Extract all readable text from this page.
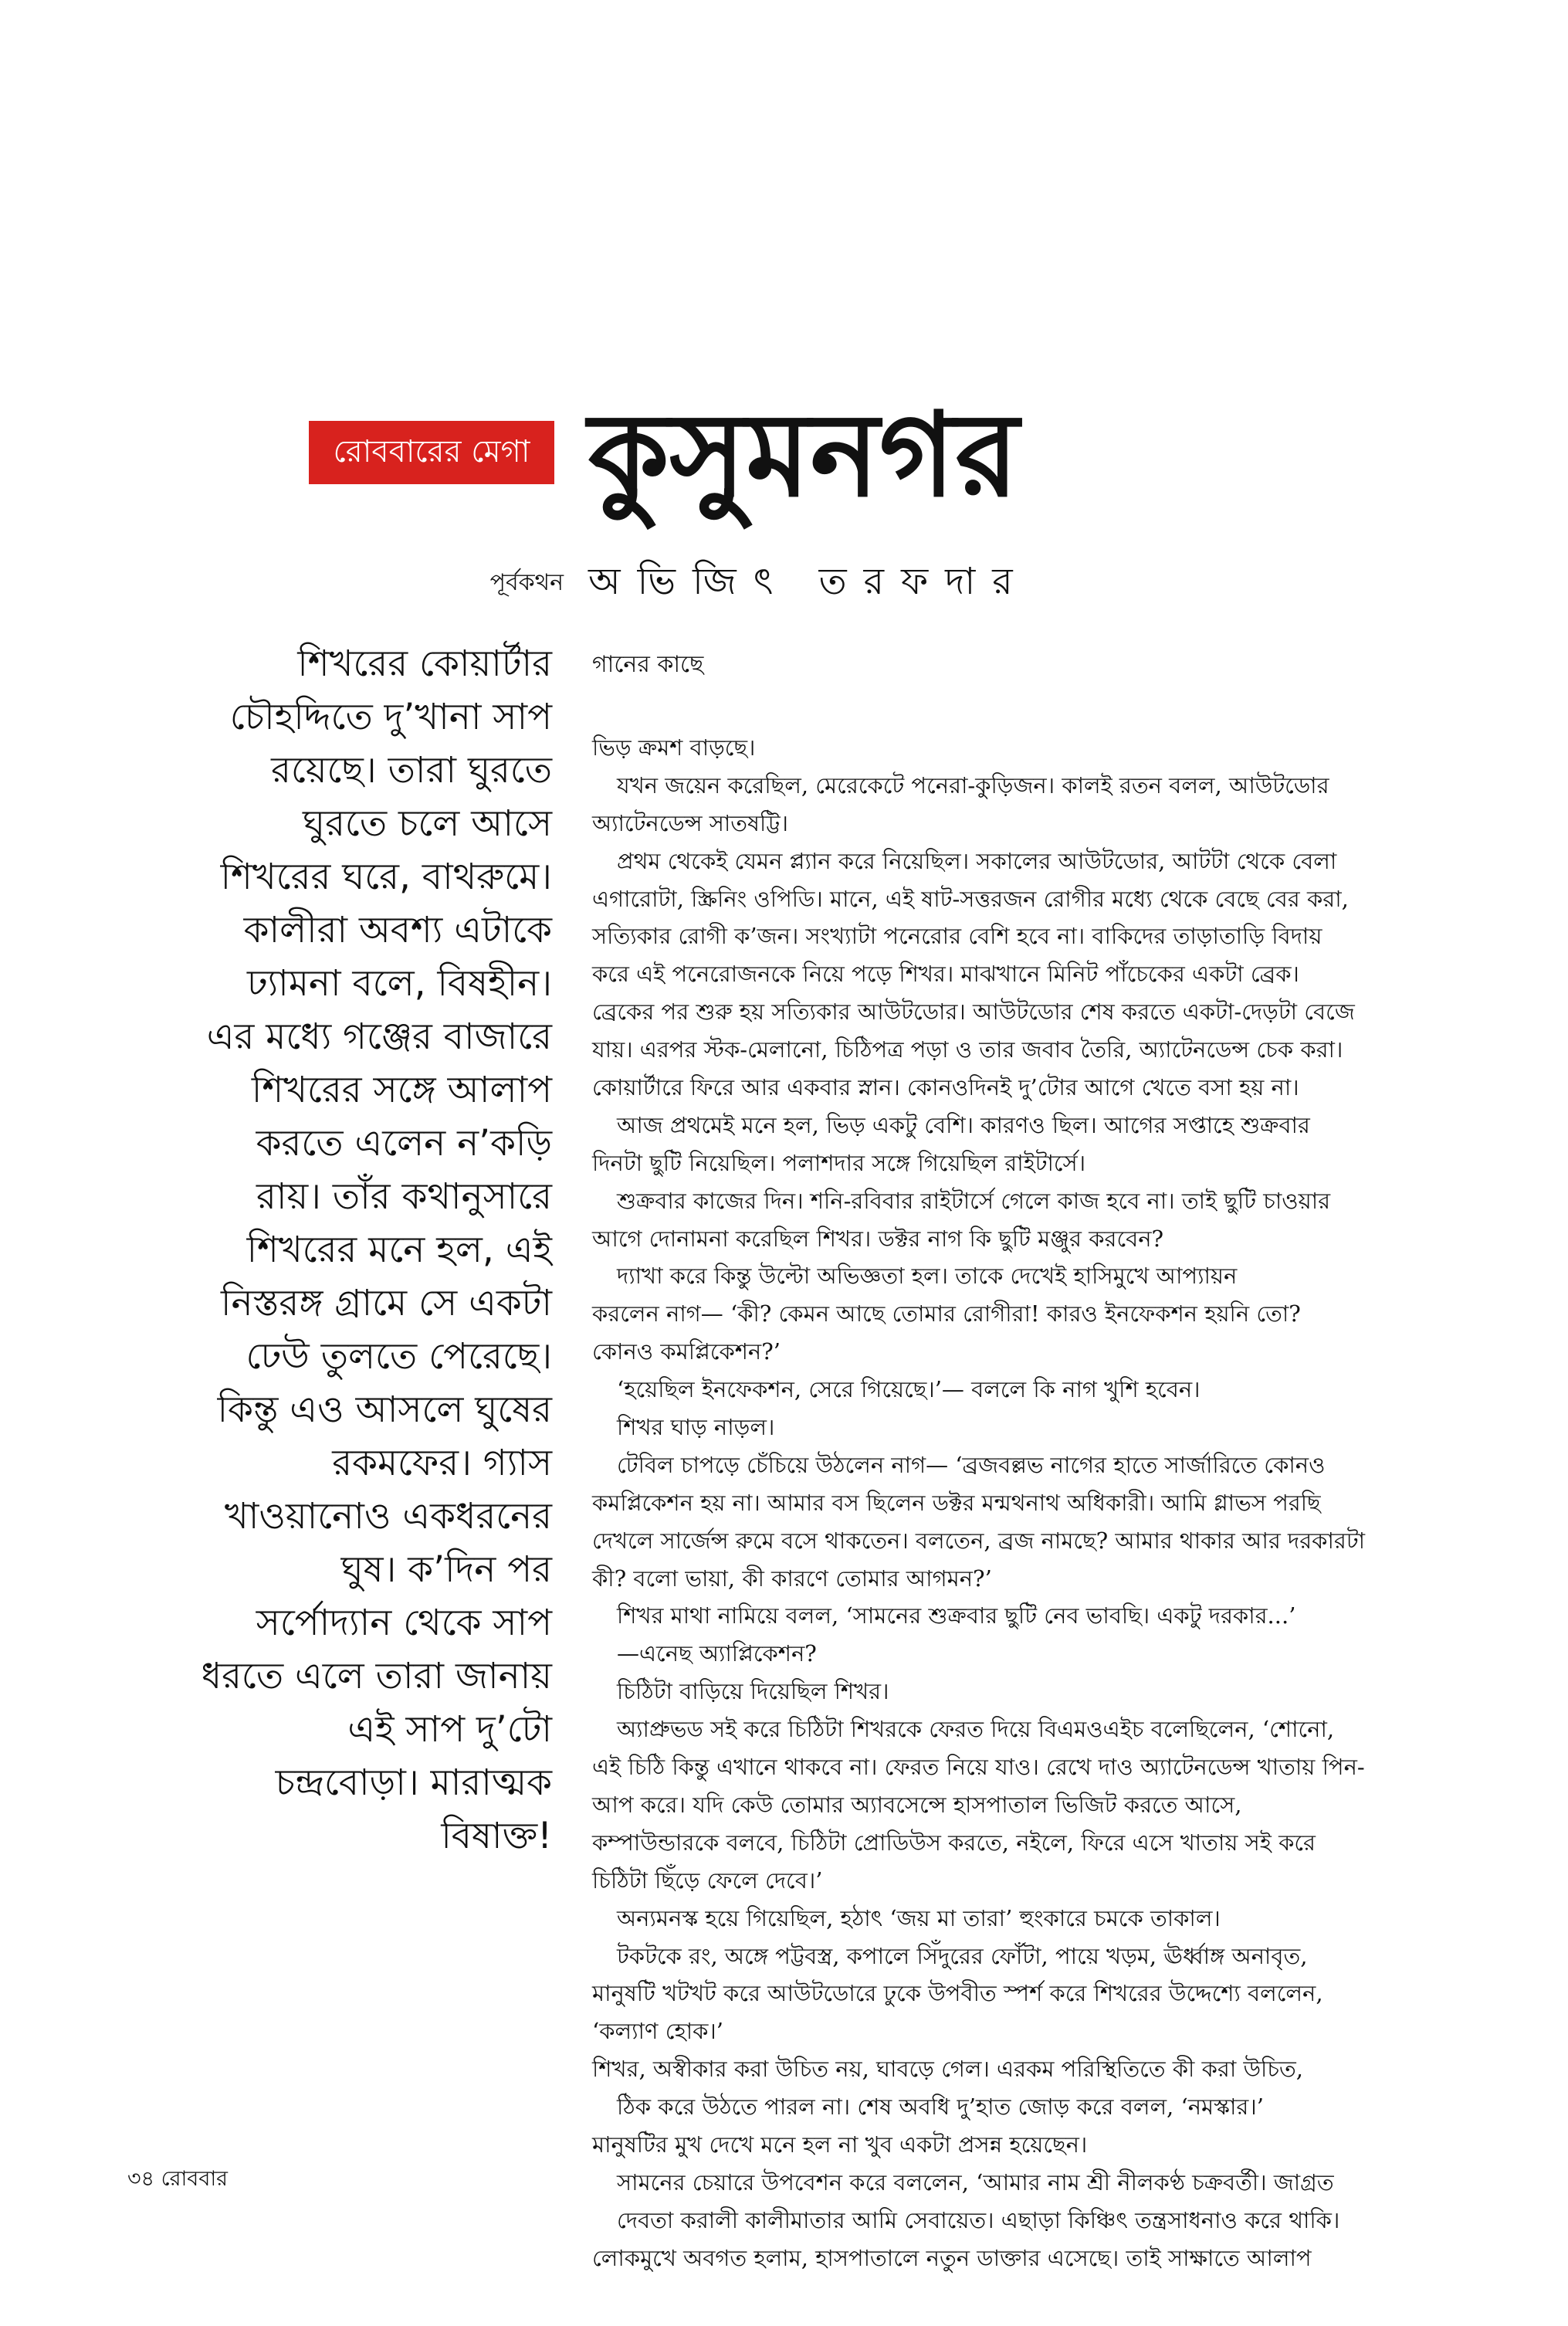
রোববারের মেগা কুসুমনগর
পূর্বকথন অভিজিৎ তরফদার
শিখরের কোয়ার্টার
চৌহদ্দিতে দু’খানা সাপ
রয়েছে। তারা ঘুরতে
ঘুরতে চলে আসে
শিখরের ঘরে, বাথরুমে।
কালীরা অবশ্য এটাকে
ঢ্যামনা বলে, বিষহীন।
এর মধ্যে গঞ্জের বাজারে
শিখরের সঙ্গে আলাপ
করতে এলেন ন’কড়ি
রায়। তাঁর কথানুসারে
শিখরের মনে হল, এই
নিস্তরঙ্গ গ্রামে সে একটা
ঢেউ তুলতে পেরেছে।
কিন্তু এও আসলে ঘুষের
রকমফের। গ্যাস
খাওয়ানোও একধরনের
ঘুষ। ক’দিন পর
সর্পোদ্যান থেকে সাপ
ধরতে এলে তারা জানায়
এই সাপ দু’টো
চন্দ্রবোড়া। মারাত্মক
বিষাক্ত!
গানের কাছে
ভিড় ক্রমশ বাড়ছে।
যখন জয়েন করেছিল, মেরেকেটে পনেরা-কুড়িজন। কালই রতন বলল, আউটডোর
অ্যাটেনডেন্স সাতষট্টি।
প্রথম থেকেই যেমন প্ল্যান করে নিয়েছিল। সকালের আউটডোর, আটটা থেকে বেলা
এগারোটা, স্ক্রিনিং ওপিডি। মানে, এই ষাট-সত্তরজন রোগীর মধ্যে থেকে বেছে বের করা,
সত্যিকার রোগী ক’জন। সংখ্যাটা পনেরোর বেশি হবে না। বাকিদের তাড়াতাড়ি বিদায়
করে এই পনেরোজনকে নিয়ে পড়ে শিখর। মাঝখানে মিনিট পাঁচেকের একটা ব্রেক।
ব্রেকের পর শুরু হয় সত্যিকার আউটডোর। আউটডোর শেষ করতে একটা-দেড়টা বেজে
যায়। এরপর স্টক-মেলানো, চিঠিপত্র পড়া ও তার জবাব তৈরি, অ্যাটেনডেন্স চেক করা।
কোয়ার্টারে ফিরে আর একবার স্নান। কোনওদিনই দু’টোর আগে খেতে বসা হয় না।
আজ প্রথমেই মনে হল, ভিড় একটু বেশি। কারণও ছিল। আগের সপ্তাহে শুক্রবার
দিনটা ছুটি নিয়েছিল। পলাশদার সঙ্গে গিয়েছিল রাইটার্সে।
শুক্রবার কাজের দিন। শনি-রবিবার রাইটার্সে গেলে কাজ হবে না। তাই ছুটি চাওয়ার
আগে দোনামনা করেছিল শিখর। ডক্টর নাগ কি ছুটি মঞ্জুর করবেন?
দ্যাখা করে কিন্তু উল্টো অভিজ্ঞতা হল। তাকে দেখেই হাসিমুখে আপ্যায়ন
করলেন নাগ— ‘কী? কেমন আছে তোমার রোগীরা! কারও ইনফেকশন হয়নি তো?
কোনও কমপ্লিকেশন?’
‘হয়েছিল ইনফেকশন, সেরে গিয়েছে।’— বললে কি নাগ খুশি হবেন।
শিখর ঘাড় নাড়ল।
টেবিল চাপড়ে চেঁচিয়ে উঠলেন নাগ— ‘ব্রজবল্লভ নাগের হাতে সার্জারিতে কোনও
কমপ্লিকেশন হয় না। আমার বস ছিলেন ডক্টর মন্মথনাথ অধিকারী। আমি গ্লাভস পরছি
দেখলে সার্জেন্স রুমে বসে থাকতেন। বলতেন, ব্রজ নামছে? আমার থাকার আর দরকারটা
কী? বলো ভায়া, কী কারণে তোমার আগমন?’
শিখর মাথা নামিয়ে বলল, ‘সামনের শুক্রবার ছুটি নেব ভাবছি। একটু দরকার...’
—এনেছ অ্যাপ্লিকেশন?
চিঠিটা বাড়িয়ে দিয়েছিল শিখর।
অ্যাপ্রুভড সই করে চিঠিটা শিখরকে ফেরত দিয়ে বিএমওএইচ বলেছিলেন, ‘শোনো,
এই চিঠি কিন্তু এখানে থাকবে না। ফেরত নিয়ে যাও। রেখে দাও অ্যাটেনডেন্স খাতায় পিন-
আপ করে। যদি কেউ তোমার অ্যাবসেন্সে হাসপাতাল ভিজিট করতে আসে,
কম্পাউন্ডারকে বলবে, চিঠিটা প্রোডিউস করতে, নইলে, ফিরে এসে খাতায় সই করে
চিঠিটা ছিঁড়ে ফেলে দেবে।’
অন্যমনস্ক হয়ে গিয়েছিল, হঠাৎ ‘জয় মা তারা’ হুংকারে চমকে তাকাল।
টকটকে রং, অঙ্গে পট্টবস্ত্র, কপালে সিঁদুরের ফোঁটা, পায়ে খড়ম, ঊর্ধ্বাঙ্গ অনাবৃত,
মানুষটি খটখট করে আউটডোরে ঢুকে উপবীত স্পর্শ করে শিখরের উদ্দেশ্যে বললেন,
‘কল্যাণ হোক।’
শিখর, অস্বীকার করা উচিত নয়, ঘাবড়ে গেল। এরকম পরিস্থিতিতে কী করা উচিত,
ঠিক করে উঠতে পারল না। শেষ অবধি দু’হাত জোড় করে বলল, ‘নমস্কার।’
মানুষটির মুখ দেখে মনে হল না খুব একটা প্রসন্ন হয়েছেন।
সামনের চেয়ারে উপবেশন করে বললেন, ‘আমার নাম শ্রী নীলকণ্ঠ চক্রবর্তী। জাগ্রত
দেবতা করালী কালীমাতার আমি সেবায়েত। এছাড়া কিঞ্চিৎ তন্ত্রসাধনাও করে থাকি।
লোকমুখে অবগত হলাম, হাসপাতালে নতুন ডাক্তার এসেছে। তাই সাক্ষাতে আলাপ
৩৪ রোববার
